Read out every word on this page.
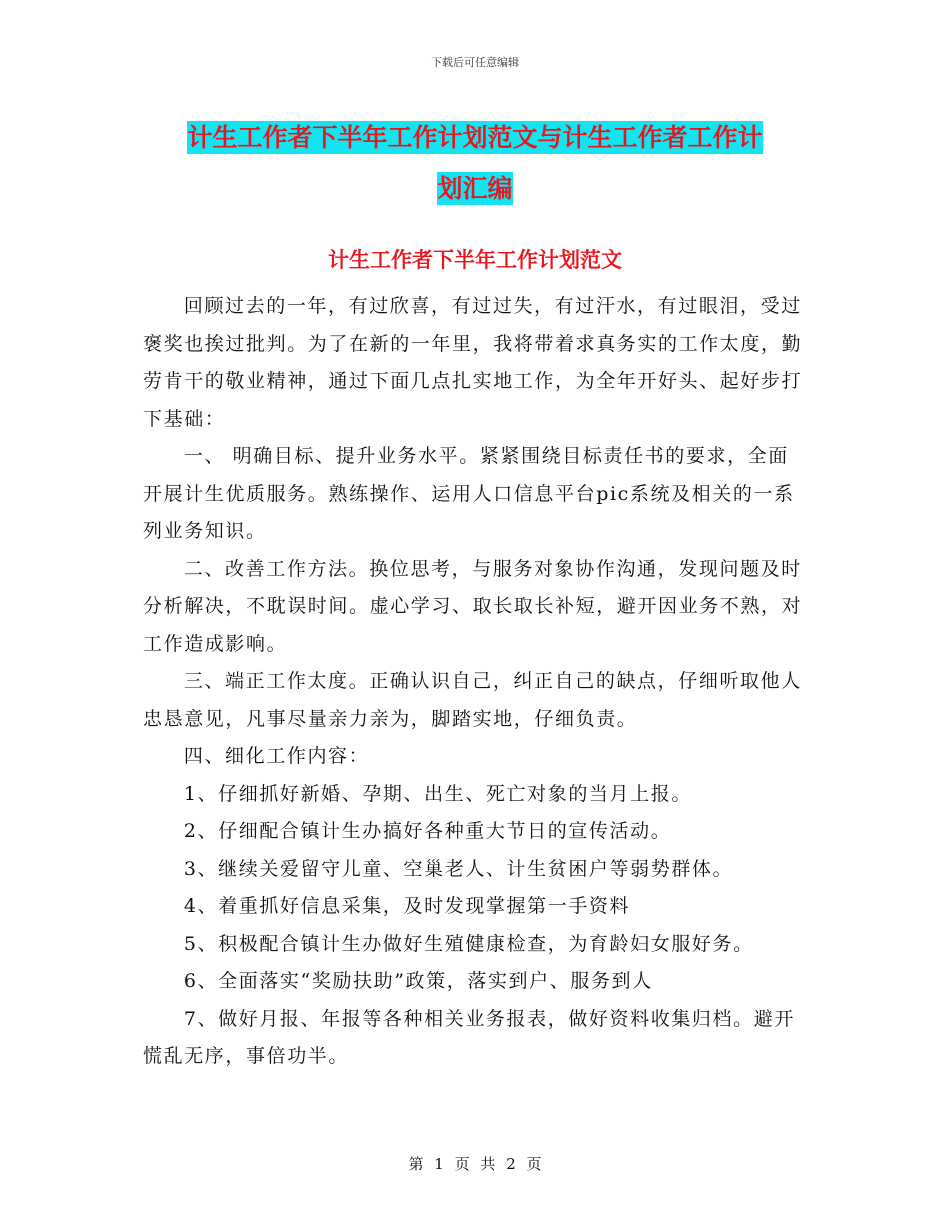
下载后可任意编辑
计生工作者下半年工作计划范文与计生工作者工作计
划汇编
计生工作者下半年工作计划范文

回顾过去的一年，有过欣喜，有过过失，有过汗水，有过眼泪，受过褒奖也挨过批判。为了在新的一年里，我将带着求真务实的工作太度，勤劳肯干的敬业精神，通过下面几点扎实地工作，为全年开好头、起好步打下基础：

一、 明确目标、提升业务水平。紧紧围绕目标责任书的要求，全面开展计生优质服务。熟练操作、运用人口信息平台pic系统及相关的一系列业务知识。

二、改善工作方法。换位思考，与服务对象协作沟通，发现问题及时分析解决，不耽误时间。虚心学习、取长取长补短，避开因业务不熟，对工作造成影响。

三、端正工作太度。正确认识自己，纠正自己的缺点，仔细听取他人忠恳意见，凡事尽量亲力亲为，脚踏实地，仔细负责。

四、细化工作内容：

1、仔细抓好新婚、孕期、出生、死亡对象的当月上报。

2、仔细配合镇计生办搞好各种重大节日的宣传活动。

3、继续关爱留守儿童、空巢老人、计生贫困户等弱势群体。

4、着重抓好信息采集，及时发现掌握第一手资料

5、积极配合镇计生办做好生殖健康检查，为育龄妇女服好务。

6、全面落实“奖励扶助”政策，落实到户、服务到人

7、做好月报、年报等各种相关业务报表，做好资料收集归档。避开慌乱无序，事倍功半。

第 1 页 共 2 页
